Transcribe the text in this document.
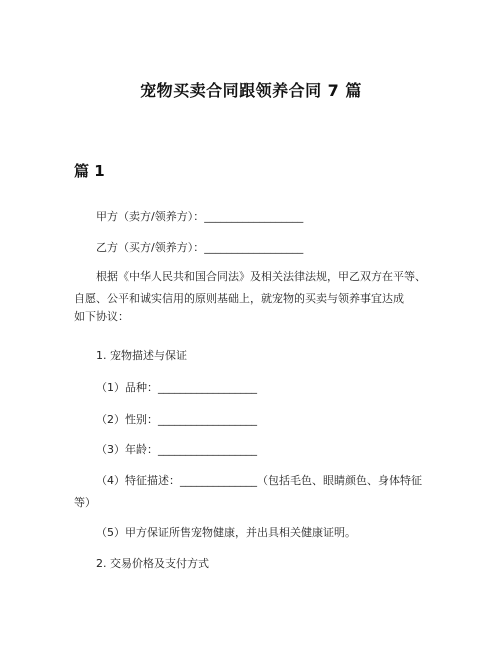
宠物买卖合同跟领养合同 7 篇
篇 1
甲方（卖方/领养方）：__________________
乙方（买方/领养方）：__________________
根据《中华人民共和国合同法》及相关法律法规，甲乙双方在平等、
自愿、公平和诚实信用的原则基础上，就宠物的买卖与领养事宜达成
如下协议：
1. 宠物描述与保证
（1）品种：__________________
（2）性别：__________________
（3）年龄：__________________
（4）特征描述：______________（包括毛色、眼睛颜色、身体特征
等）
（5）甲方保证所售宠物健康，并出具相关健康证明。
2. 交易价格及支付方式
